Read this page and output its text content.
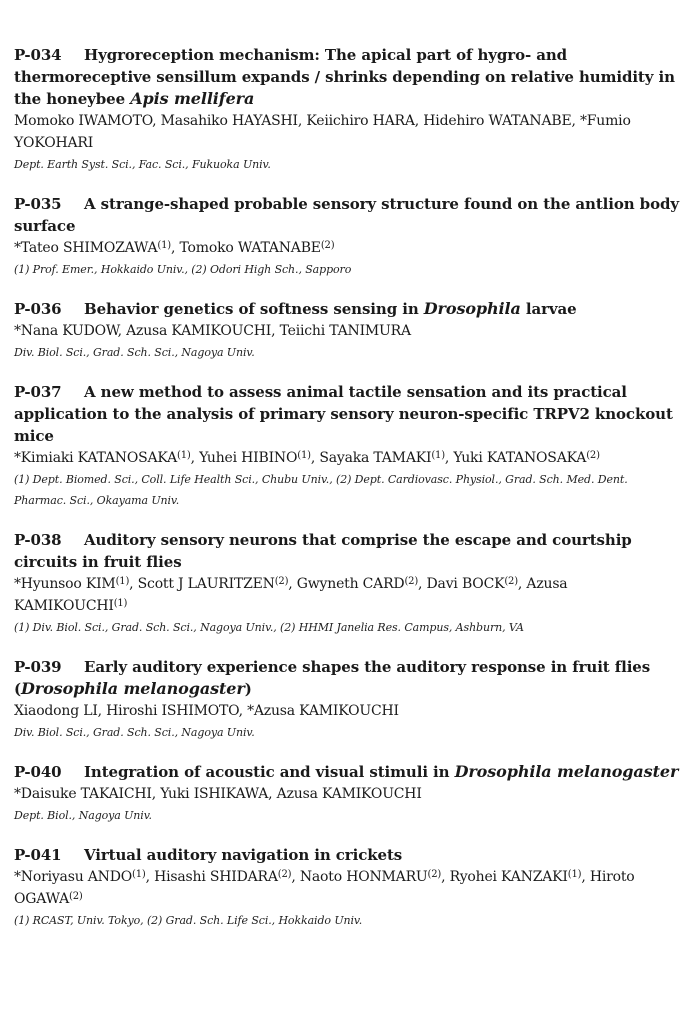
P-034 Hygroreception mechanism: The apical part of hygro- and thermoreceptive sensillum expands / shrinks depending on relative humidity in the honeybee Apis mellifera
Momoko IWAMOTO, Masahiko HAYASHI, Keiichiro HARA, Hidehiro WATANABE, *Fumio YOKOHARI
Dept. Earth Syst. Sci., Fac. Sci., Fukuoka Univ.
P-035 A strange-shaped probable sensory structure found on the antlion body surface
*Tateo SHIMOZAWA$^{(1)}$, Tomoko WATANABE$^{(2)}$
(1) Prof. Emer., Hokkaido Univ., (2) Odori High Sch., Sapporo
P-036 Behavior genetics of softness sensing in Drosophila larvae
*Nana KUDOW, Azusa KAMIKOUCHI, Teiichi TANIMURA
Div. Biol. Sci., Grad. Sch. Sci., Nagoya Univ.
P-037 A new method to assess animal tactile sensation and its practical application to the analysis of primary sensory neuron-specific TRPV2 knockout mice
*Kimiaki KATANOSAKA$^{(1)}$, Yuhei HIBINO$^{(1)}$, Sayaka TAMAKI$^{(1)}$, Yuki KATANOSAKA$^{(2)}$
(1) Dept. Biomed. Sci., Coll. Life Health Sci., Chubu Univ., (2) Dept. Cardiovasc. Physiol., Grad. Sch. Med. Dent. Pharmac. Sci., Okayama Univ.
P-038 Auditory sensory neurons that comprise the escape and courtship circuits in fruit flies
*Hyunsoo KIM$^{(1)}$, Scott J LAURITZEN$^{(2)}$, Gwyneth CARD$^{(2)}$, Davi BOCK$^{(2)}$, Azusa KAMIKOUCHI$^{(1)}$
(1) Div. Biol. Sci., Grad. Sch. Sci., Nagoya Univ., (2) HHMI Janelia Res. Campus, Ashburn, VA
P-039 Early auditory experience shapes the auditory response in fruit flies (Drosophila melanogaster)
Xiaodong LI, Hiroshi ISHIMOTO, *Azusa KAMIKOUCHI
Div. Biol. Sci., Grad. Sch. Sci., Nagoya Univ.
P-040 Integration of acoustic and visual stimuli in Drosophila melanogaster
*Daisuke TAKAICHI, Yuki ISHIKAWA, Azusa KAMIKOUCHI
Dept. Biol., Nagoya Univ.
P-041 Virtual auditory navigation in crickets
*Noriyasu ANDO$^{(1)}$, Hisashi SHIDARA$^{(2)}$, Naoto HONMARU$^{(2)}$, Ryohei KANZAKI$^{(1)}$, Hiroto OGAWA$^{(2)}$
(1) RCAST, Univ. Tokyo, (2) Grad. Sch. Life Sci., Hokkaido Univ.
